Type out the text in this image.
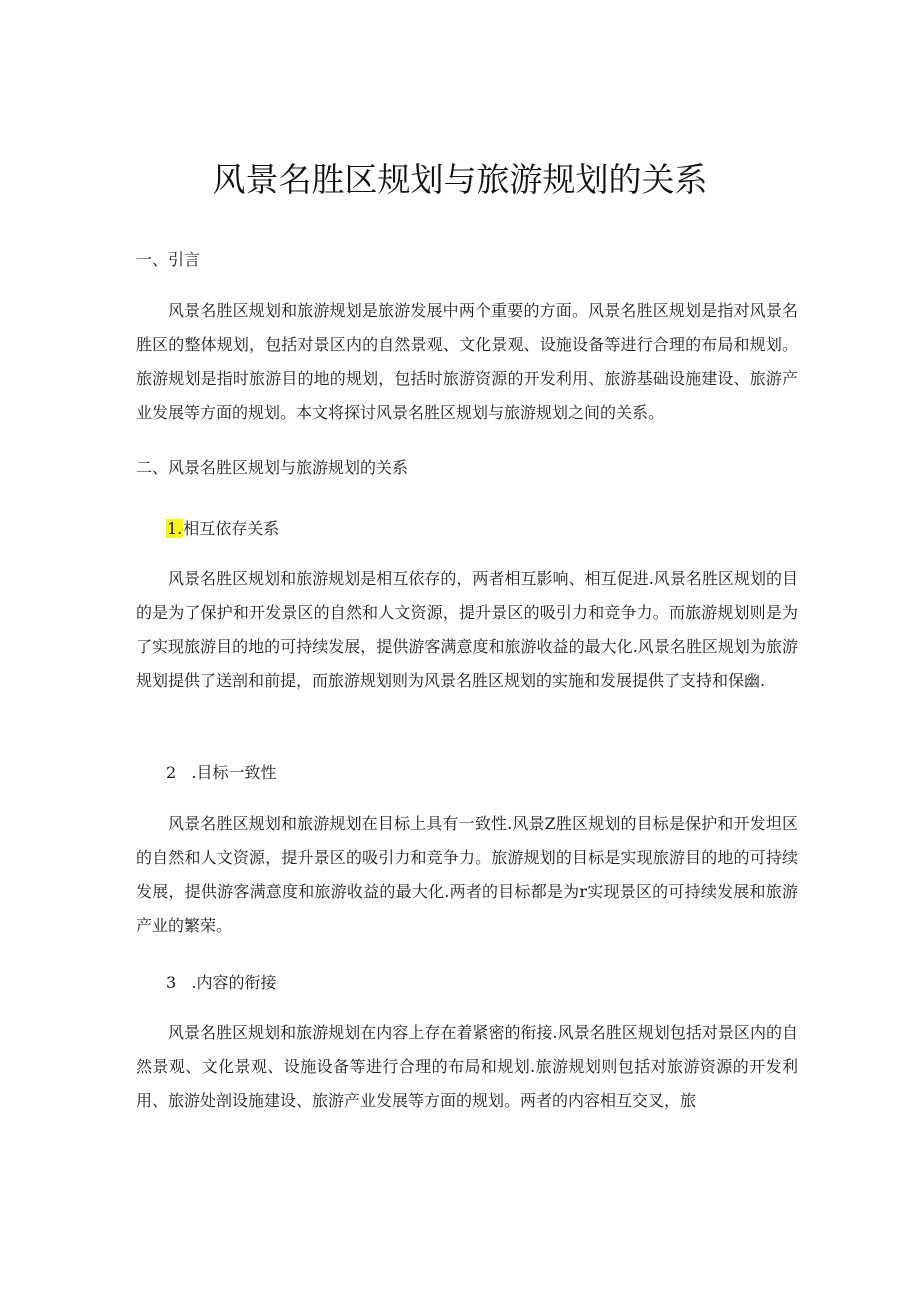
风景名胜区规划与旅游规划的关系
一、引言

风景名胜区规划和旅游规划是旅游发展中两个重要的方面。风景名胜区规划是指对风景名胜区的整体规划，包括对景区内的自然景观、文化景观、设施设备等进行合理的布局和规划。旅游规划是指时旅游目的地的规划，包括时旅游资源的开发利用、旅游基础设施建设、旅游产业发展等方面的规划。本文将探讨风景名胜区规划与旅游规划之间的关系。

二、风景名胜区规划与旅游规划的关系
1.相互依存关系

风景名胜区规划和旅游规划是相互依存的，两者相互影响、相互促进.风景名胜区规划的目的是为了保护和开发景区的自然和人文资源，提升景区的吸引力和竞争力。而旅游规划则是为了实现旅游目的地的可持续发展，提供游客满意度和旅游收益的最大化.风景名胜区规划为旅游规划提供了送剖和前提，而旅游规划则为风景名胜区规划的实施和发展提供了支持和保幽.

2 .目标一致性

风景名胜区规划和旅游规划在目标上具有一致性.风景Z胜区规划的目标是保护和开发坦区的自然和人文资源，提升景区的吸引力和竞争力。旅游规划的目标是实现旅游目的地的可持续发展，提供游客满意度和旅游收益的最大化.两者的目标都是为r实现景区的可持续发展和旅游产业的繁荣。

3 .内容的衔接

风景名胜区规划和旅游规划在内容上存在着紧密的衔接.风景名胜区规划包括对景区内的自然景观、文化景观、设施设备等进行合理的布局和规划.旅游规划则包括对旅游资源的开发利用、旅游处剖设施建设、旅游产业发展等方面的规划。两者的内容相互交叉，旅
